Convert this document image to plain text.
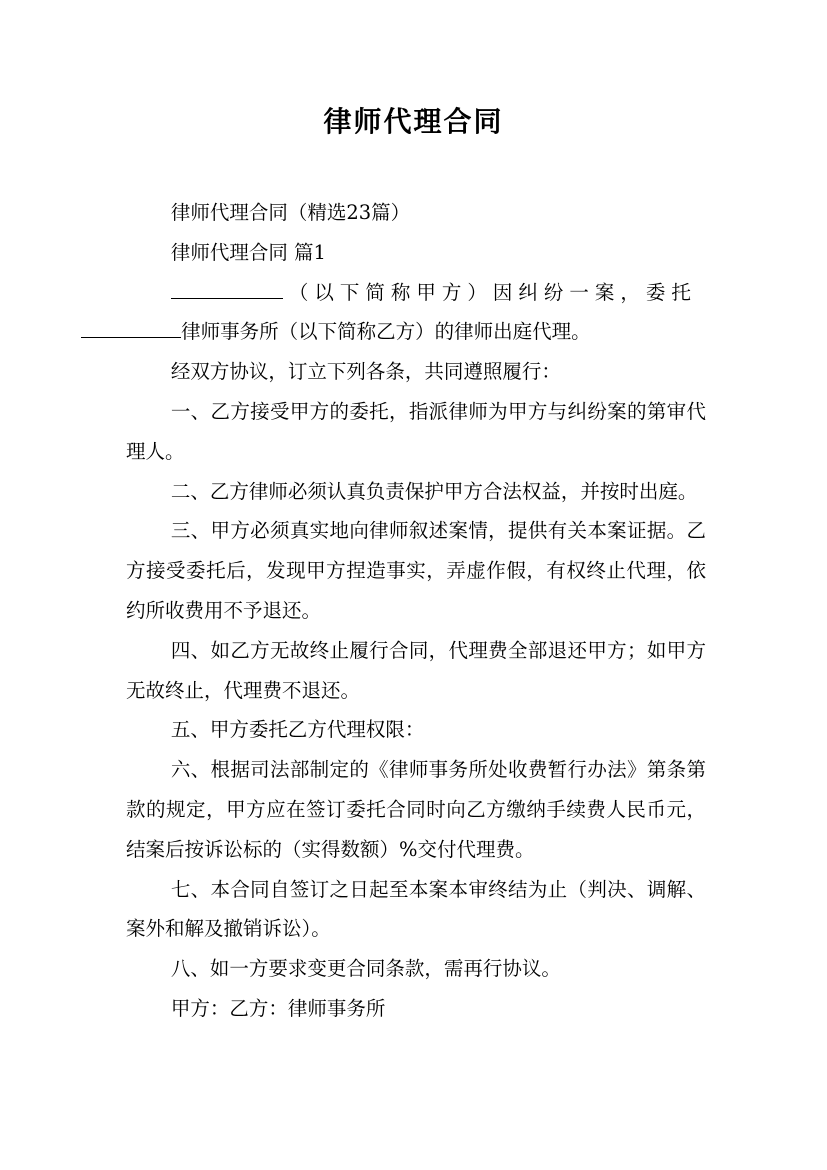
律师代理合同

律师代理合同（精选23篇）

律师代理合同 篇1

（以下简称甲方）因纠纷一案，委托
律师事务所（以下简称乙方）的律师出庭代理。

经双方协议，订立下列各条，共同遵照履行：

一、乙方接受甲方的委托，指派律师为甲方与纠纷案的第审代理人。

二、乙方律师必须认真负责保护甲方合法权益，并按时出庭。

三、甲方必须真实地向律师叙述案情，提供有关本案证据。乙方接受委托后，发现甲方捏造事实，弄虚作假，有权终止代理，依约所收费用不予退还。

四、如乙方无故终止履行合同，代理费全部退还甲方；如甲方无故终止，代理费不退还。

五、甲方委托乙方代理权限：

六、根据司法部制定的《律师事务所处收费暂行办法》第条第款的规定，甲方应在签订委托合同时向乙方缴纳手续费人民币元，结案后按诉讼标的（实得数额）%交付代理费。

七、本合同自签订之日起至本案本审终结为止（判决、调解、案外和解及撤销诉讼）。

八、如一方要求变更合同条款，需再行协议。

甲方：乙方：律师事务所
